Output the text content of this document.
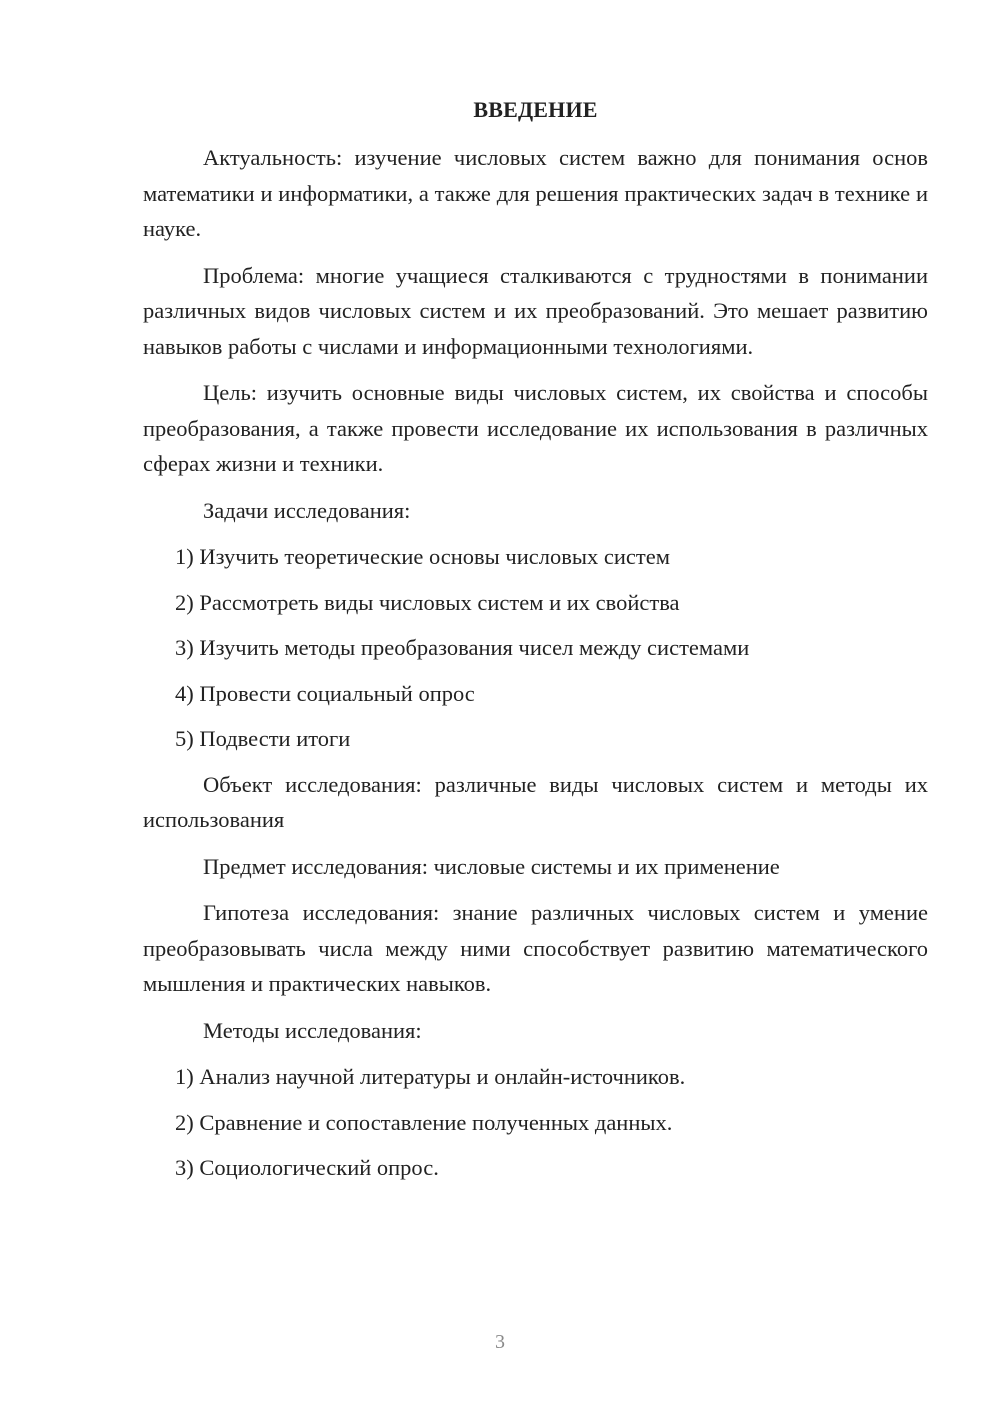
ВВЕДЕНИЕ

Актуальность: изучение числовых систем важно для понимания основ математики и информатики, а также для решения практических задач в технике и науке.

Проблема: многие учащиеся сталкиваются с трудностями в понимании различных видов числовых систем и их преобразований. Это мешает развитию навыков работы с числами и информационными технологиями.

Цель: изучить основные виды числовых систем, их свойства и способы преобразования, а также провести исследование их использования в различных сферах жизни и техники.

Задачи исследования:

1) Изучить теоретические основы числовых систем
2) Рассмотреть виды числовых систем и их свойства
3) Изучить методы преобразования чисел между системами
4) Провести социальный опрос
5) Подвести итоги

Объект исследования: различные виды числовых систем и методы их использования

Предмет исследования: числовые системы и их применение

Гипотеза исследования: знание различных числовых систем и умение преобразовывать числа между ними способствует развитию математического мышления и практических навыков.

Методы исследования:

1) Анализ научной литературы и онлайн-источников.
2) Сравнение и сопоставление полученных данных.
3) Социологический опрос.
3
